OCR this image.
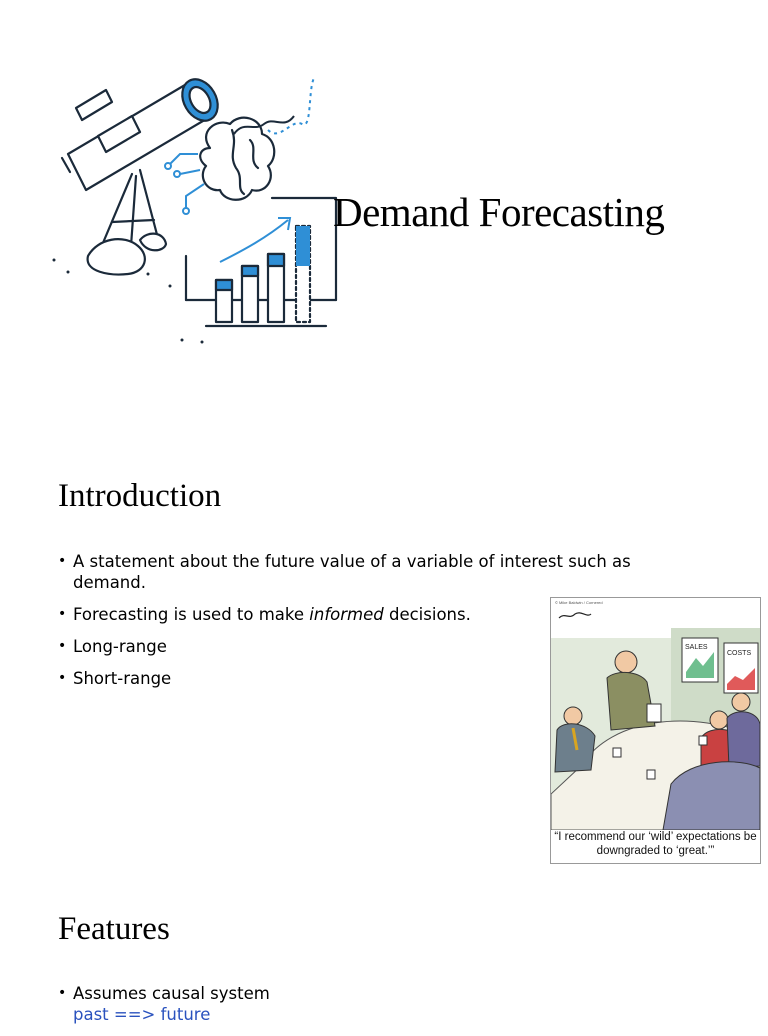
Demand Forecasting
Introduction
• A statement about the future value of a variable of interest such as demand.
• Forecasting is used to make informed decisions.
• Long-range
• Short-range
© Mike Baldwin / Cornered
SALES
COSTS
“I recommend our ‘wild’ expectations be downgraded to ‘great.’”
Features
• Assumes causal system
past ==> future
